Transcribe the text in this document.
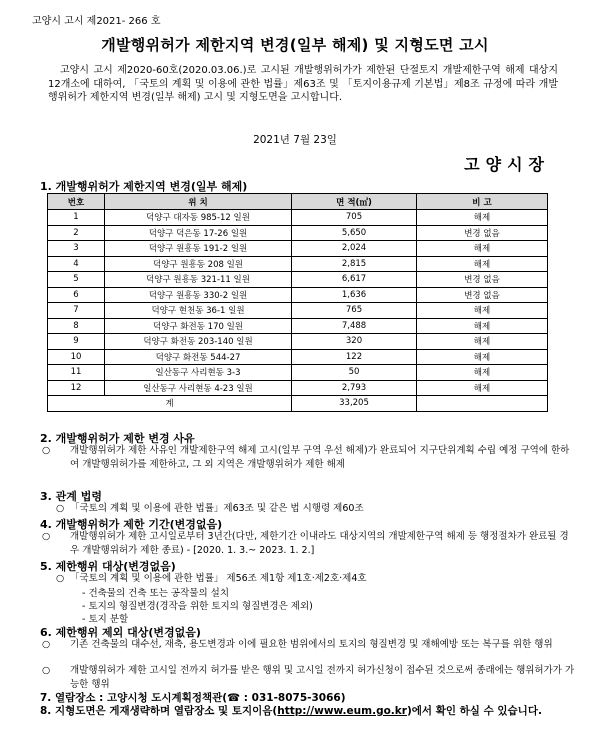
고양시 고시 제2021- 266 호
개발행위허가 제한지역 변경(일부 해제) 및 지형도면 고시
고양시 고시 제2020-60호(2020.03.06.)로 고시된 개발행위허가가 제한된 단절토지 개발제한구역 해제 대상지 12개소에 대하여, 「국토의 계획 및 이용에 관한 법률」제63조 및 「토지이용규제 기본법」제8조 규정에 따라 개발행위허가 제한지역 변경(일부 해제) 고시 및 지형도면을 고시합니다.
2021년 7월 23일
고양시장
1. 개발행위허가 제한지역 변경(일부 해제)
번호	위 치	면 적(㎡)	비 고
1	덕양구 대자동 985-12 일원	705	해제
2	덕양구 덕은동 17-26 일원	5,650	변경 없음
3	덕양구 원흥동 191-2 일원	2,024	해제
4	덕양구 원흥동 208 일원	2,815	해제
5	덕양구 원흥동 321-11 일원	6,617	변경 없음
6	덕양구 원흥동 330-2 일원	1,636	변경 없음
7	덕양구 현천동 36-1 일원	765	해제
8	덕양구 화전동 170 일원	7,488	해제
9	덕양구 화전동 203-140 일원	320	해제
10	덕양구 화전동 544-27	122	해제
11	일산동구 사리현동 3-3	50	해제
12	일산동구 사리현동 4-23 일원	2,793	해제
계		33,205	
2. 개발행위허가 제한 변경 사유
○ 개발행위허가 제한 사유인 개발제한구역 해제 고시(일부 구역 우선 해제)가 완료되어 지구단위계획 수립 예정 구역에 한하여 개발행위허가를 제한하고, 그 외 지역은 개발행위허가 제한 해제
3. 관계 법령
○ 「국토의 계획 및 이용에 관한 법률」제63조 및 같은 법 시행령 제60조
4. 개발행위허가 제한 기간(변경없음)
○ 개발행위허가 제한 고시일로부터 3년간(다만, 제한기간 이내라도 대상지역의 개발제한구역 해제 등 행정절차가 완료될 경우 개발행위허가 제한 종료) - [2020. 1. 3.~ 2023. 1. 2.]
5. 제한행위 대상(변경없음)
○ 「국토의 계획 및 이용에 관한 법률」 제56조 제1항 제1호·제2호·제4호
- 건축물의 건축 또는 공작물의 설치
- 토지의 형질변경(경작을 위한 토지의 형질변경은 제외)
- 토지 분할
6. 제한행위 제외 대상(변경없음)
○ 기존 건축물의 대수선, 재축, 용도변경과 이에 필요한 범위에서의 토지의 형질변경 및 재해예방 또는 복구를 위한 행위
○ 개발행위허가 제한 고시일 전까지 허가를 받은 행위 및 고시일 전까지 허가신청이 접수된 것으로써 종래에는 행위허가가 가능한 행위
7. 열람장소 : 고양시청 도시계획정책관(☎ : 031-8075-3066)
8. 지형도면은 게재생략하며 열람장소 및 토지이음(http://www.eum.go.kr)에서 확인 하실 수 있습니다.
